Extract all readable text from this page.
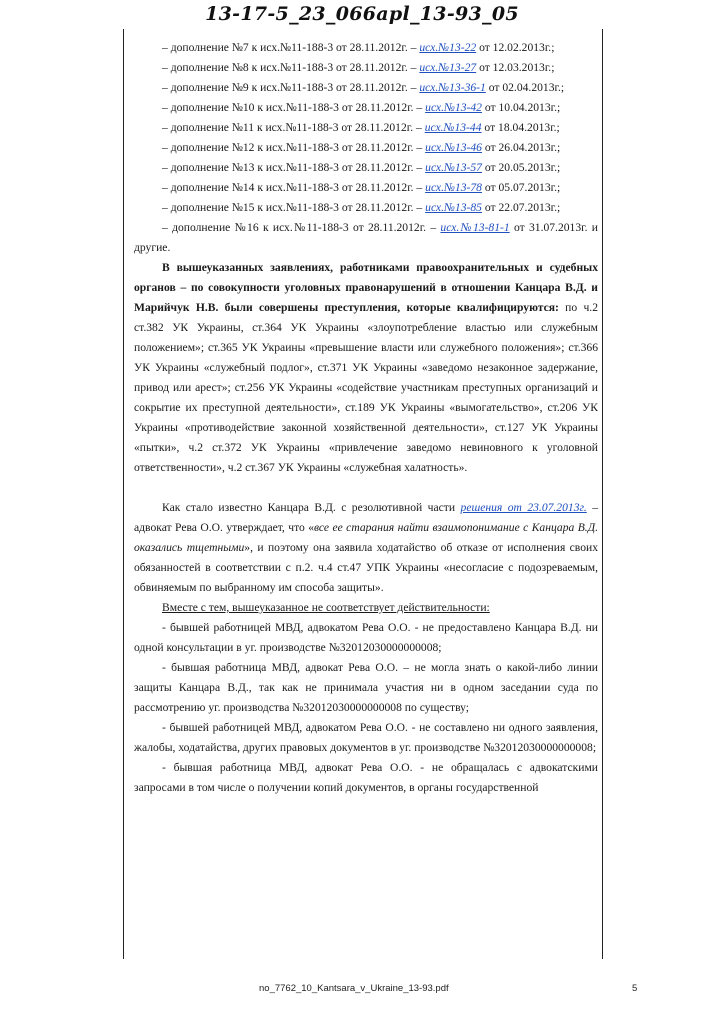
13-17-5_23_066apl_13-93_05

– дополнение №7 к исх.№11-188-3 от 28.11.2012г. – исх.№13-22 от 12.02.2013г.;

– дополнение №8 к исх.№11-188-3 от 28.11.2012г. – исх.№13-27 от 12.03.2013г.;

– дополнение №9 к исх.№11-188-3 от 28.11.2012г. – исх.№13-36-1 от 02.04.2013г.;

– дополнение №10 к исх.№11-188-3 от 28.11.2012г. – исх.№13-42 от 10.04.2013г.;

– дополнение №11 к исх.№11-188-3 от 28.11.2012г. – исх.№13-44 от 18.04.2013г.;

– дополнение №12 к исх.№11-188-3 от 28.11.2012г. – исх.№13-46 от 26.04.2013г.;

– дополнение №13 к исх.№11-188-3 от 28.11.2012г. – исх.№13-57 от 20.05.2013г.;

– дополнение №14 к исх.№11-188-3 от 28.11.2012г. – исх.№13-78 от 05.07.2013г.;

– дополнение №15 к исх.№11-188-3 от 28.11.2012г. – исх.№13-85 от 22.07.2013г.;

– дополнение №16 к исх.№11-188-3 от 28.11.2012г. – исх.№13-81-1 от 31.07.2013г. и другие.

В вышеуказанных заявлениях, работниками правоохранительных и судебных органов – по совокупности уголовных правонарушений в отношении Канцара В.Д. и Марийчук Н.В. были совершены преступления, которые квалифицируются: по ч.2 ст.382 УК Украины, ст.364 УК Украины «злоупотребление властью или служебным положением»; ст.365 УК Украины «превышение власти или служебного положения»; ст.366 УК Украины «служебный подлог», ст.371 УК Украины «заведомо незаконное задержание, привод или арест»; ст.256 УК Украины «содействие участникам преступных организаций и сокрытие их преступной деятельности», ст.189 УК Украины «вымогательство», ст.206 УК Украины «противодействие законной хозяйственной деятельности», ст.127 УК Украины «пытки», ч.2 ст.372 УК Украины «привлечение заведомо невиновного к уголовной ответственности», ч.2 ст.367 УК Украины «служебная халатность».

Как стало известно Канцара В.Д. с резолютивной части решения от 23.07.2013г. – адвокат Рева О.О. утверждает, что «все ее старания найти взаимопонимание с Канцара В.Д. оказались тщетными», и поэтому она заявила ходатайство об отказе от исполнения своих обязанностей в соответствии с п.2. ч.4 ст.47 УПК Украины «несогласие с подозреваемым, обвиняемым по выбранному им способа защиты».

Вместе с тем, вышеуказанное не соответствует действительности:

- бывшей работницей МВД, адвокатом Рева О.О. - не предоставлено Канцара В.Д. ни одной консультации в уг. производстве №32012030000000008;

- бывшая работница МВД, адвокат Рева О.О. – не могла знать о какой-либо линии защиты Канцара В.Д., так как не принимала участия ни в одном заседании суда по рассмотрению уг. производства №32012030000000008 по существу;

- бывшей работницей МВД, адвокатом Рева О.О. - не составлено ни одного заявления, жалобы, ходатайства, других правовых документов в уг. производстве №32012030000000008;

- бывшая работница МВД, адвокат Рева О.О. - не обращалась с адвокатскими запросами в том числе о получении копий документов, в органы государственной

no_7762_10_Kantsara_v_Ukraine_13-93.pdf	5
